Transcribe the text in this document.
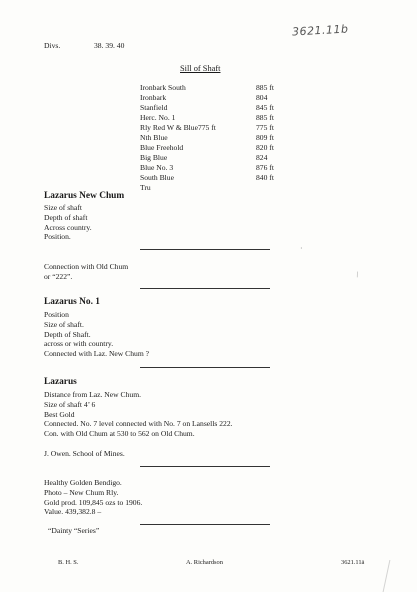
Divs.	38. 39. 40
3621.11b
Sill of Shaft
Ironbark South	885 ft
Ironbark	804
Stanfield	845 ft
Herc. No. 1	885 ft
Rly Red W & Blue775 ft	775 ft
Nth Blue	809 ft
Blue Freehold	820 ft
Big Blue	824
Blue No. 3	876 ft
South Blue	840 ft
Tru
Lazarus New Chum
Size of shaft
Depth of shaft
Across country.
Position.
·
Connection with Old Chum
or “222”.	\
Lazarus No. 1
Position
Size of shaft.
Depth of Shaft.
across or with country.
Connected with Laz. New Chum ?
Lazarus
Distance from Laz. New Chum.
Size of shaft 4’ 6
Best Gold
Connected. No. 7 level connected with No. 7 on Lansells 222.
Con. with Old Chum at 530 to 562 on Old Chum.
J. Owen. School of Mines.
Healthy Golden Bendigo.
Photo – New Chum Rly.
Gold prod. 109,845 ozs to 1906.
Value. 439,382.8 –
“Dainty “Series”
B. H. S.	A. Richardson	3621.11ā
